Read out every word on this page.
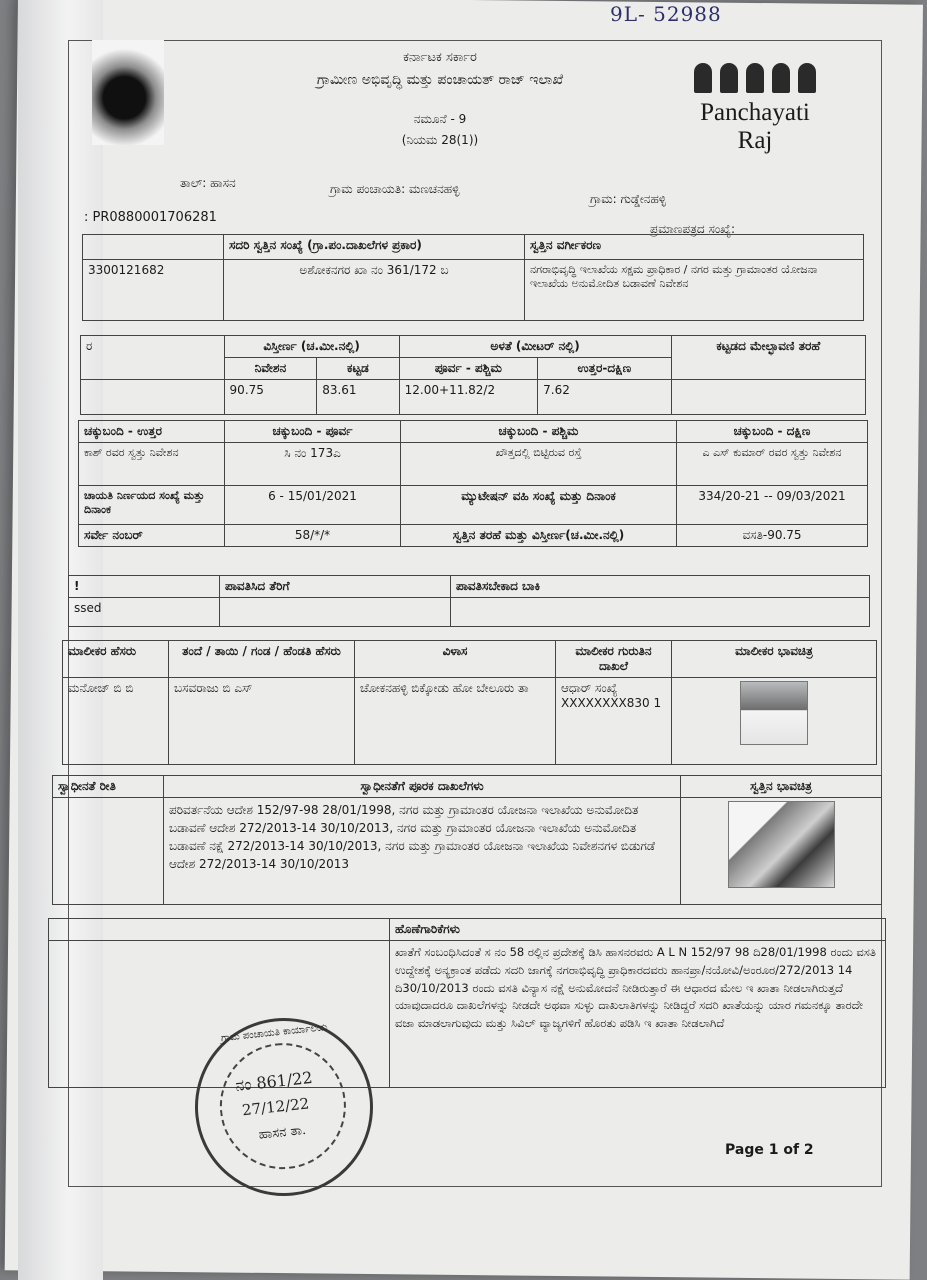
9L- 52988
ಕರ್ನಾಟಕ ಸರ್ಕಾರ
ಗ್ರಾಮೀಣ ಅಭಿವೃದ್ಧಿ ಮತ್ತು ಪಂಚಾಯತ್ ರಾಜ್ ಇಲಾಖೆ
ನಮೂನೆ - 9
(ನಿಯಮ 28(1))
Panchayati Raj
ತಾಲ್: ಹಾಸನ	ಗ್ರಾಮ ಪಂಚಾಯತಿ: ಮಣಚನಹಳ್ಳಿ
ಗ್ರಾಮ: ಗುಡ್ಡೇನಹಳ್ಳಿ
: PR0880001706281
ಪ್ರಮಾಣಪತ್ರದ ಸಂಖ್ಯೆ:
	ಸದರಿ ಸ್ವತ್ತಿನ ಸಂಖ್ಯೆ (ಗ್ರಾ.ಪಂ.ದಾಖಲೆಗಳ ಪ್ರಕಾರ)	ಸ್ವತ್ತಿನ ವರ್ಗೀಕರಣ
3300121682	ಅಶೋಕನಗರ ಖಾ ನಂ 361/172 ಬ	ನಗರಾಭಿವೃದ್ಧಿ ಇಲಾಖೆಯ ಸಕ್ಷಮ ಪ್ರಾಧಿಕಾರ / ನಗರ ಮತ್ತು ಗ್ರಾಮಾಂತರ ಯೋಜನಾ ಇಲಾಖೆಯ ಅನುಮೋದಿತ ಬಡಾವಣೆ ನಿವೇಶನ
ರ	ವಿಸ್ತೀರ್ಣ (ಚ.ಮೀ.ನಲ್ಲಿ)		ಅಳತೆ (ಮೀಟರ್ ನಲ್ಲಿ)		ಕಟ್ಟಡದ ಮೇಲ್ಛಾವಣಿ ತರಹೆ
	ನಿವೇಶನ	ಕಟ್ಟಡ	ಪೂರ್ವ - ಪಶ್ಚಿಮ	ಉತ್ತರ-ದಕ್ಷಿಣ	
	90.75	83.61	12.00+11.82/2	7.62	
ಚಕ್ಕುಬಂದಿ - ಉತ್ತರ	ಚಕ್ಕುಬಂದಿ - ಪೂರ್ವ	ಚಕ್ಕುಬಂದಿ - ಪಶ್ಚಿಮ	ಚಕ್ಕುಬಂದಿ - ದಕ್ಷಿಣ
ಕಾಶ್ ರವರ ಸ್ವತ್ತು ನಿವೇಶನ	ಸಿ ನಂ 173ಎ	ಖೌತ್ತದಲ್ಲಿ ಬಿಟ್ಟಿರುವ ರಸ್ತೆ	ಎ ಎಸ್ ಕುಮಾರ್ ರವರ ಸ್ವತ್ತು ನಿವೇಶನ
ಚಾಯತಿ ನಿರ್ಣಯದ ಸಂಖ್ಯೆ ಮತ್ತು ದಿನಾಂಕ	6 - 15/01/2021	ಮ್ಯುಟೇಷನ್ ವಹಿ ಸಂಖ್ಯೆ ಮತ್ತು ದಿನಾಂಕ	334/20-21 -- 09/03/2021
ಸರ್ವೇ ನಂಬರ್	58/*/*	ಸ್ವತ್ತಿನ ತರಹೆ ಮತ್ತು ವಿಸ್ತೀರ್ಣ(ಚ.ಮೀ.ನಲ್ಲಿ)	ವಸತಿ-90.75
!	ಪಾವತಿಸಿದ ತೆರಿಗೆ	ಪಾವತಿಸಬೇಕಾದ ಬಾಕಿ
ssed		
ಮಾಲೀಕರ ಹೆಸರು	ತಂದೆ / ತಾಯಿ / ಗಂಡ / ಹೆಂಡತಿ ಹೆಸರು	ವಿಳಾಸ	ಮಾಲೀಕರ ಗುರುತಿನ ದಾಖಲೆ	ಮಾಲೀಕರ ಭಾವಚಿತ್ರ
ಮನೋಜ್ ಬಿ ಬಿ	ಬಸವರಾಜು ಬಿ ಎಸ್	ಚೋಕನಹಳ್ಳಿ ಬಿಕ್ಕೋಡು ಹೋ ಬೇಲೂರು ತಾ	ಆಧಾರ್ ಸಂಖ್ಯೆ XXXXXXXX830 1	
ಸ್ವಾಧೀನತೆ ರೀತಿ	ಸ್ವಾಧೀನತೆಗೆ ಪೂರಕ ದಾಖಲೆಗಳು	ಸ್ವತ್ತಿನ ಭಾವಚಿತ್ರ
	ಪರಿವರ್ತನೆಯ ಆದೇಶ 152/97-98 28/01/1998, ನಗರ ಮತ್ತು ಗ್ರಾಮಾಂತರ ಯೋಜನಾ ಇಲಾಖೆಯ ಅನುಮೋದಿತ ಬಡಾವಣೆ ಆದೇಶ 272/2013-14 30/10/2013, ನಗರ ಮತ್ತು ಗ್ರಾಮಾಂತರ ಯೋಜನಾ ಇಲಾಖೆಯ ಅನುಮೋದಿತ ಬಡಾವಣೆ ನಕ್ಷೆ 272/2013-14 30/10/2013, ನಗರ ಮತ್ತು ಗ್ರಾಮಾಂತರ ಯೋಜನಾ ಇಲಾಖೆಯ ನಿವೇಶನಗಳ ಬಿಡುಗಡೆ ಆದೇಶ 272/2013-14 30/10/2013	
	ಹೊಣೆಗಾರಿಕೆಗಳು
	ಖಾತೆಗೆ ಸಂಬಂಧಿಸಿದಂತೆ ಸ ನಂ 58 ರಲ್ಲಿನ ಪ್ರದೇಶಕ್ಕೆ ಡಿಸಿ ಹಾಸನರವರು A L N 152/97 98 ದಿ28/01/1998 ರಂದು ವಸತಿ ಉದ್ದೇಶಕ್ಕೆ ಅನ್ಯಕ್ರಾಂತ ಪಡೆದು ಸದರಿ ಜಾಗಕ್ಕೆ ನಗರಾಭಿವೃದ್ಧಿ ಪ್ರಾಧಿಕಾರದವರು ಹಾನಪ್ರಾ/ನಯೋವಿ/ಅಂರೂರ/272/2013 14 ದಿ30/10/2013 ರಂದು ವಸತಿ ವಿನ್ಯಾಸ ನಕ್ಷೆ ಅನುಮೋದನೆ ನೀಡಿರುತ್ತಾರೆ ಈ ಆಧಾರದ ಮೇಲ ಇ ಖಾತಾ ನೀಡಲಾಗಿರುತ್ತದೆ ಯಾವುದಾದರೂ ದಾಖಲೆಗಳನ್ನು ನೀಡದೇ ಅಥವಾ ಸುಳ್ಳು ದಾಖಲಾತಿಗಳನ್ನು ನೀಡಿದ್ದರೆ ಸದರಿ ಖಾತೆಯನ್ನು ಯಾರ ಗಮನಕ್ಕೂ ತಾರದೇ ವಜಾ ಮಾಡಲಾಗುವುದು ಮತ್ತು ಸಿವಿಲ್ ವ್ಯಾಜ್ಯಗಳಿಗೆ ಹೊರತು ಪಡಿಸಿ ಇ ಖಾತಾ ನೀಡಲಾಗಿದೆ
ಗ್ರಾಮ ಪಂಚಾಯತಿ ಕಾರ್ಯಾಲಯ
ನಂ 861/22
27/12/22
ಹಾಸನ ತಾ.
Page 1 of 2
